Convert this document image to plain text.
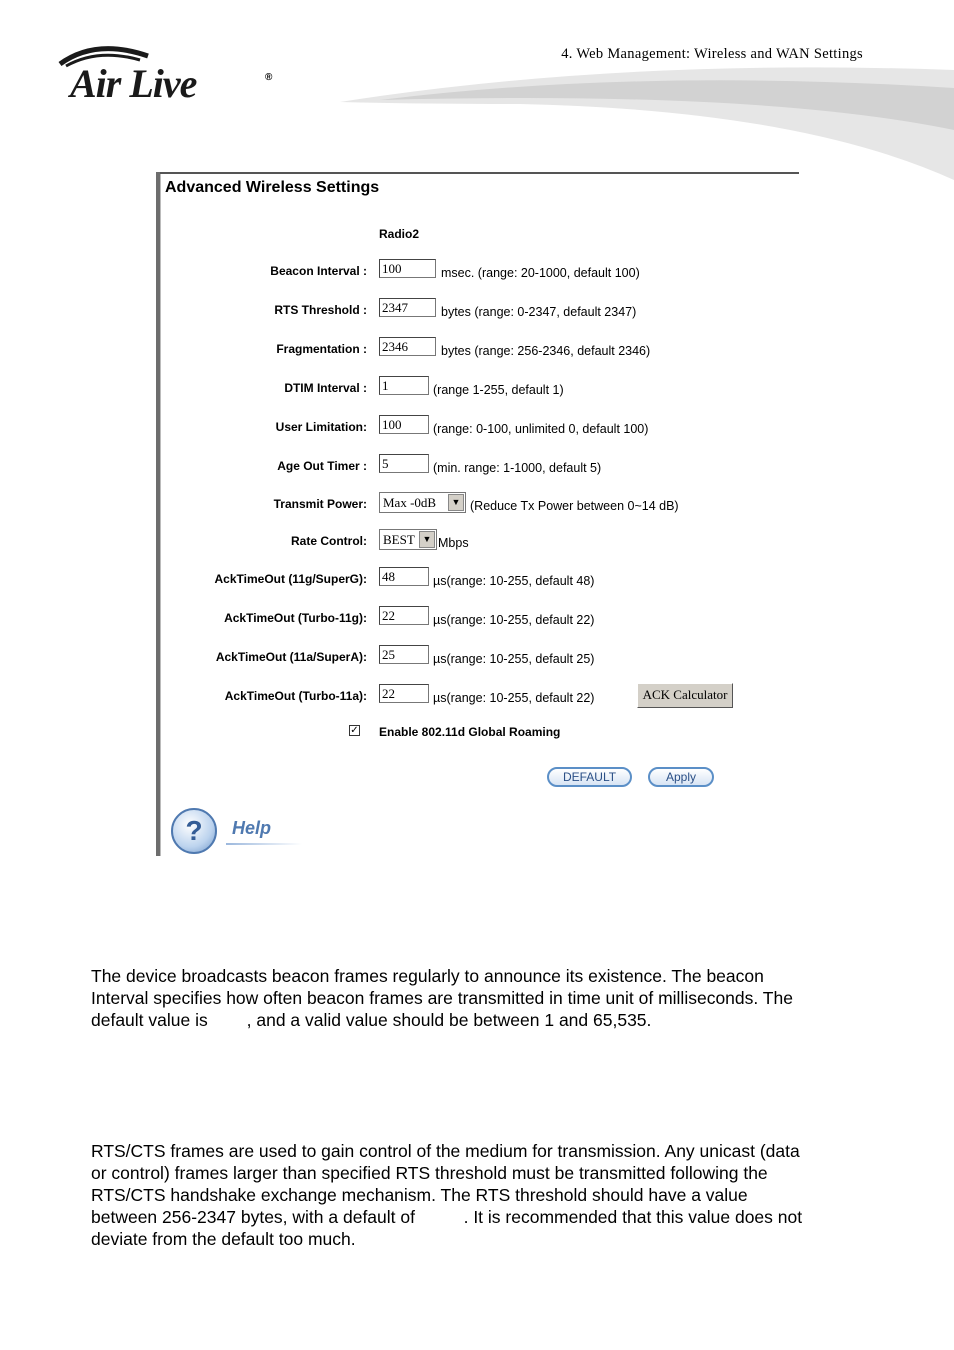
4. Web Management: Wireless and WAN Settings
Air Live	®
Advanced Wireless Settings
Radio2
Beacon Interval : 100	msec. (range: 20-1000, default 100)
RTS Threshold : 2347	bytes (range: 0-2347, default 2347)
Fragmentation : 2346	bytes (range: 256-2346, default 2346)
DTIM Interval : 1	(range 1-255, default 1)
User Limitation: 100	(range: 0-100, unlimited 0, default 100)
Age Out Timer : 5	(min. range: 1-1000, default 5)
Transmit Power: Max -0dB	▼ (Reduce Tx Power between 0~14 dB)
Rate Control: BEST ▼ Mbps
AckTimeOut (11g/SuperG): 48	µs(range: 10-255, default 48)
AckTimeOut (Turbo-11g): 22	µs(range: 10-255, default 22)
AckTimeOut (11a/SuperA): 25	µs(range: 10-255, default 25)
AckTimeOut (Turbo-11a): 22	µs(range: 10-255, default 22)	ACK Calculator
✓ Enable 802.11d Global Roaming
DEFAULT	Apply
?	Help
The device broadcasts beacon frames regularly to announce its existence. The beacon
Interval specifies how often beacon frames are transmitted in time unit of milliseconds. The
default value is        , and a valid value should be between 1 and 65,535.
RTS/CTS frames are used to gain control of the medium for transmission. Any unicast (data
or control) frames larger than specified RTS threshold must be transmitted following the
RTS/CTS handshake exchange mechanism. The RTS threshold should have a value
between 256-2347 bytes, with a default of          . It is recommended that this value does not
deviate from the default too much.
